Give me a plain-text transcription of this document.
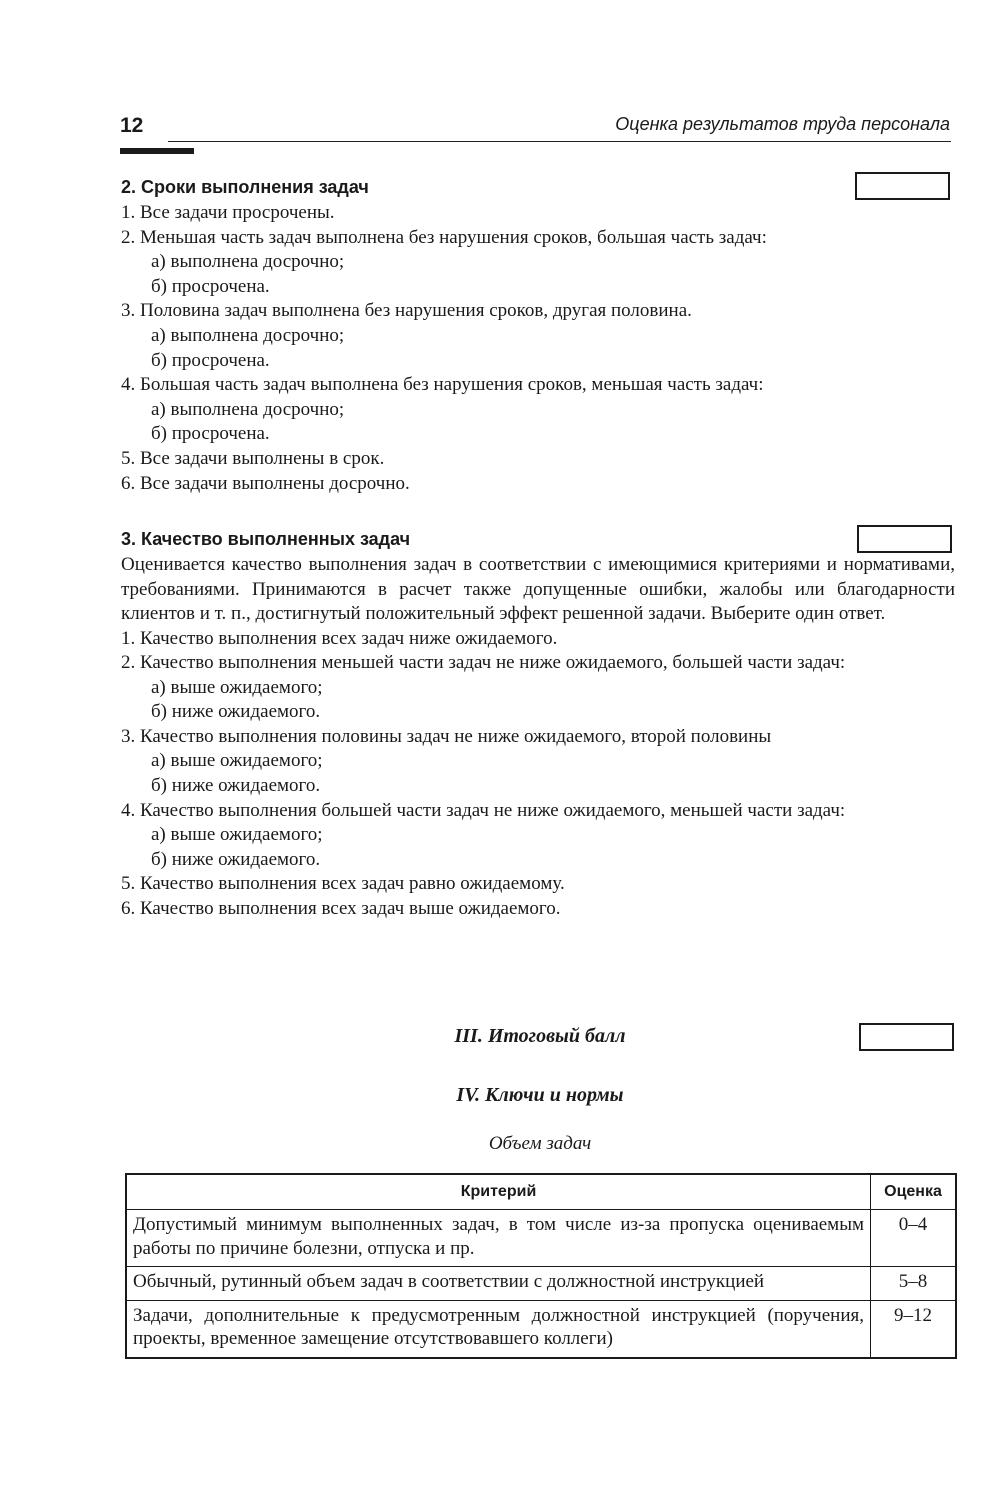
12	Оценка результатов труда персонала
2. Сроки выполнения задач
1. Все задачи просрочены.
2. Меньшая часть задач выполнена без нарушения сроков, большая часть задач:
а) выполнена досрочно;
б) просрочена.
3. Половина задач выполнена без нарушения сроков, другая половина.
а) выполнена досрочно;
б) просрочена.
4. Большая часть задач выполнена без нарушения сроков, меньшая часть задач:
а) выполнена досрочно;
б) просрочена.
5. Все задачи выполнены в срок.
6. Все задачи выполнены досрочно.
3. Качество выполненных задач
Оценивается качество выполнения задач в соответствии с имеющимися критериями и нормативами, требованиями. Принимаются в расчет также допущенные ошибки, жалобы или благодарности клиентов и т. п., достигнутый положительный эффект решенной задачи. Выберите один ответ.
1. Качество выполнения всех задач ниже ожидаемого.
2. Качество выполнения меньшей части задач не ниже ожидаемого, большей части задач:
а) выше ожидаемого;
б) ниже ожидаемого.
3. Качество выполнения половины задач не ниже ожидаемого, второй половины
а) выше ожидаемого;
б) ниже ожидаемого.
4. Качество выполнения большей части задач не ниже ожидаемого, меньшей части задач:
а) выше ожидаемого;
б) ниже ожидаемого.
5. Качество выполнения всех задач равно ожидаемому.
6. Качество выполнения всех задач выше ожидаемого.
III. Итоговый балл
IV. Ключи и нормы
Объем задач
Критерий	Оценка
Допустимый минимум выполненных задач, в том числе из-за пропуска оцениваемым работы по причине болезни, отпуска и пр.	0–4
Обычный, рутинный объем задач в соответствии с должностной инструкцией	5–8
Задачи, дополнительные к предусмотренным должностной инструкцией (поручения, проекты, временное замещение отсутствовавшего коллеги)	9–12
